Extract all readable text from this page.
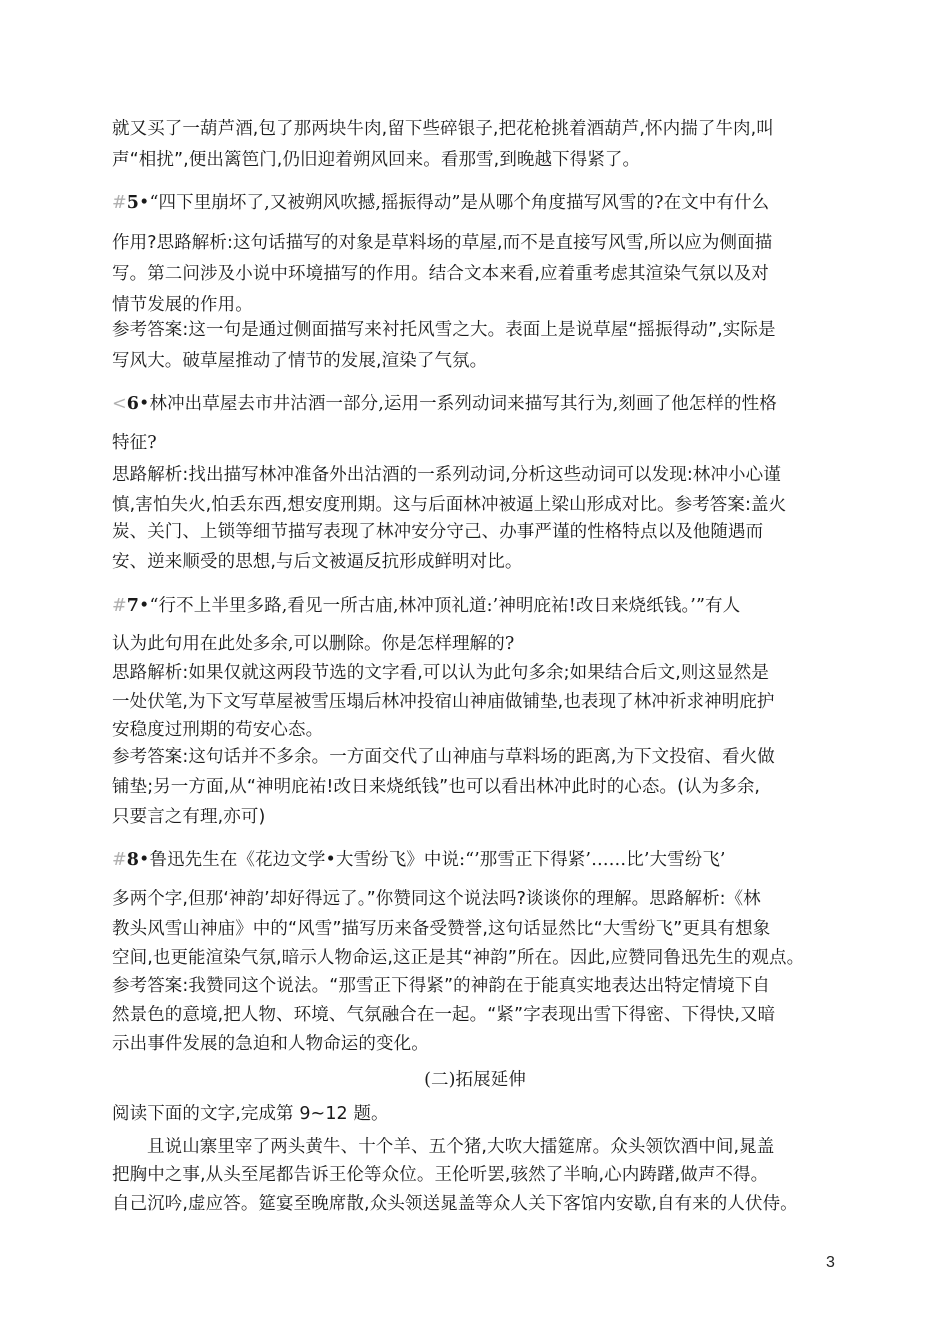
就又买了一葫芦酒,包了那两块牛肉,留下些碎银子,把花枪挑着酒葫芦,怀内揣了牛肉,叫
声“相扰”,便出篱笆门,仍旧迎着朔风回来。看那雪,到晚越下得紧了。
#5•“四下里崩坏了,又被朔风吹撼,摇振得动”是从哪个角度描写风雪的?在文中有什么
作用?思路解析:这句话描写的对象是草料场的草屋,而不是直接写风雪,所以应为侧面描
写。第二问涉及小说中环境描写的作用。结合文本来看,应着重考虑其渲染气氛以及对
情节发展的作用。
参考答案:这一句是通过侧面描写来衬托风雪之大。表面上是说草屋“摇振得动”,实际是
写风大。破草屋推动了情节的发展,渲染了气氛。
<6•林冲出草屋去市井沽酒一部分,运用一系列动词来描写其行为,刻画了他怎样的性格
特征?
思路解析:找出描写林冲准备外出沽酒的一系列动词,分析这些动词可以发现:林冲小心谨
慎,害怕失火,怕丢东西,想安度刑期。这与后面林冲被逼上梁山形成对比。参考答案:盖火
炭、关门、上锁等细节描写表现了林冲安分守己、办事严谨的性格特点以及他随遇而
安、逆来顺受的思想,与后文被逼反抗形成鲜明对比。
#7•“行不上半里多路,看见一所古庙,林冲顶礼道:’神明庇祐!改日来烧纸钱。’”有人
认为此句用在此处多余,可以删除。你是怎样理解的?
思路解析:如果仅就这两段节选的文字看,可以认为此句多余;如果结合后文,则这显然是
一处伏笔,为下文写草屋被雪压塌后林冲投宿山神庙做铺垫,也表现了林冲祈求神明庇护
安稳度过刑期的苟安心态。
参考答案:这句话并不多余。一方面交代了山神庙与草料场的距离,为下文投宿、看火做
铺垫;另一方面,从“神明庇祐!改日来烧纸钱”也可以看出林冲此时的心态。(认为多余,
只要言之有理,亦可)
#8•鲁迅先生在《花边文学•大雪纷飞》中说:“’那雪正下得紧’……比’大雪纷飞’
多两个字,但那‘神韵’却好得远了。”你赞同这个说法吗?谈谈你的理解。思路解析:《林
教头风雪山神庙》中的“风雪”描写历来备受赞誉,这句话显然比“大雪纷飞”更具有想象
空间,也更能渲染气氛,暗示人物命运,这正是其“神韵”所在。因此,应赞同鲁迅先生的观点。
参考答案:我赞同这个说法。“那雪正下得紧”的神韵在于能真实地表达出特定情境下自
然景色的意境,把人物、环境、气氛融合在一起。“紧”字表现出雪下得密、下得快,又暗
示出事件发展的急迫和人物命运的变化。
(二)拓展延伸
阅读下面的文字,完成第 9~12 题。
且说山寨里宰了两头黄牛、十个羊、五个猪,大吹大擂筵席。众头领饮酒中间,晁盖
把胸中之事,从头至尾都告诉王伦等众位。王伦听罢,骇然了半晌,心内踌躇,做声不得。
自己沉吟,虚应答。筵宴至晚席散,众头领送晁盖等众人关下客馆内安歇,自有来的人伏侍。
3
